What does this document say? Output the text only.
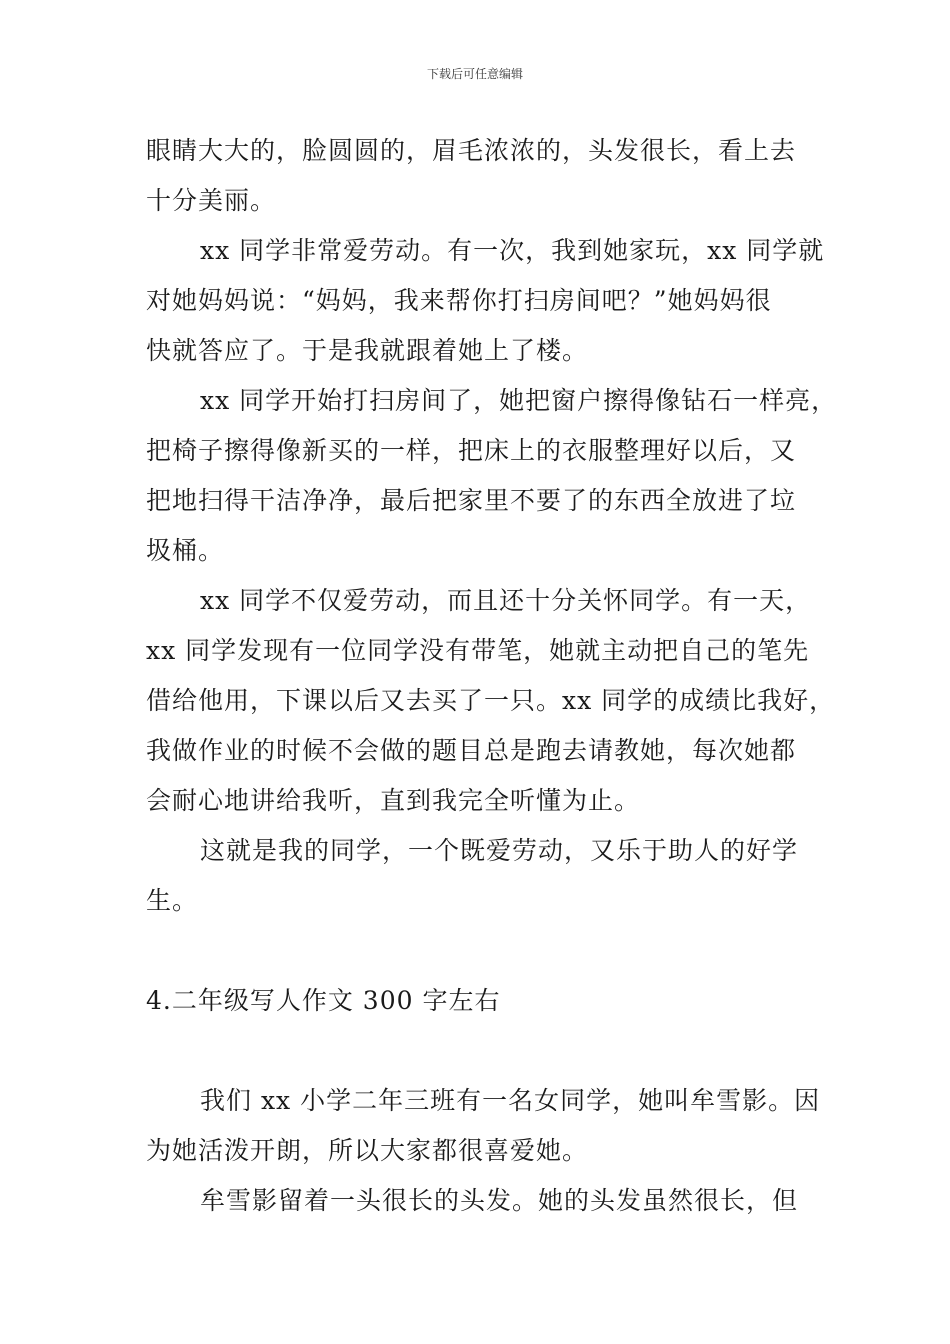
下载后可任意编辑
眼睛大大的，脸圆圆的，眉毛浓浓的，头发很长，看上去
十分美丽。
xx 同学非常爱劳动。有一次，我到她家玩，xx 同学就
对她妈妈说：“妈妈，我来帮你打扫房间吧？”她妈妈很
快就答应了。于是我就跟着她上了楼。
xx 同学开始打扫房间了，她把窗户擦得像钻石一样亮，
把椅子擦得像新买的一样，把床上的衣服整理好以后，又
把地扫得干洁净净，最后把家里不要了的东西全放进了垃
圾桶。
xx 同学不仅爱劳动，而且还十分关怀同学。有一天，
xx 同学发现有一位同学没有带笔，她就主动把自己的笔先
借给他用，下课以后又去买了一只。xx 同学的成绩比我好，
我做作业的时候不会做的题目总是跑去请教她，每次她都
会耐心地讲给我听，直到我完全听懂为止。
这就是我的同学，一个既爱劳动，又乐于助人的好学
生。
4.二年级写人作文 300 字左右
我们 xx 小学二年三班有一名女同学，她叫牟雪影。因
为她活泼开朗，所以大家都很喜爱她。
牟雪影留着一头很长的头发。她的头发虽然很长，但
